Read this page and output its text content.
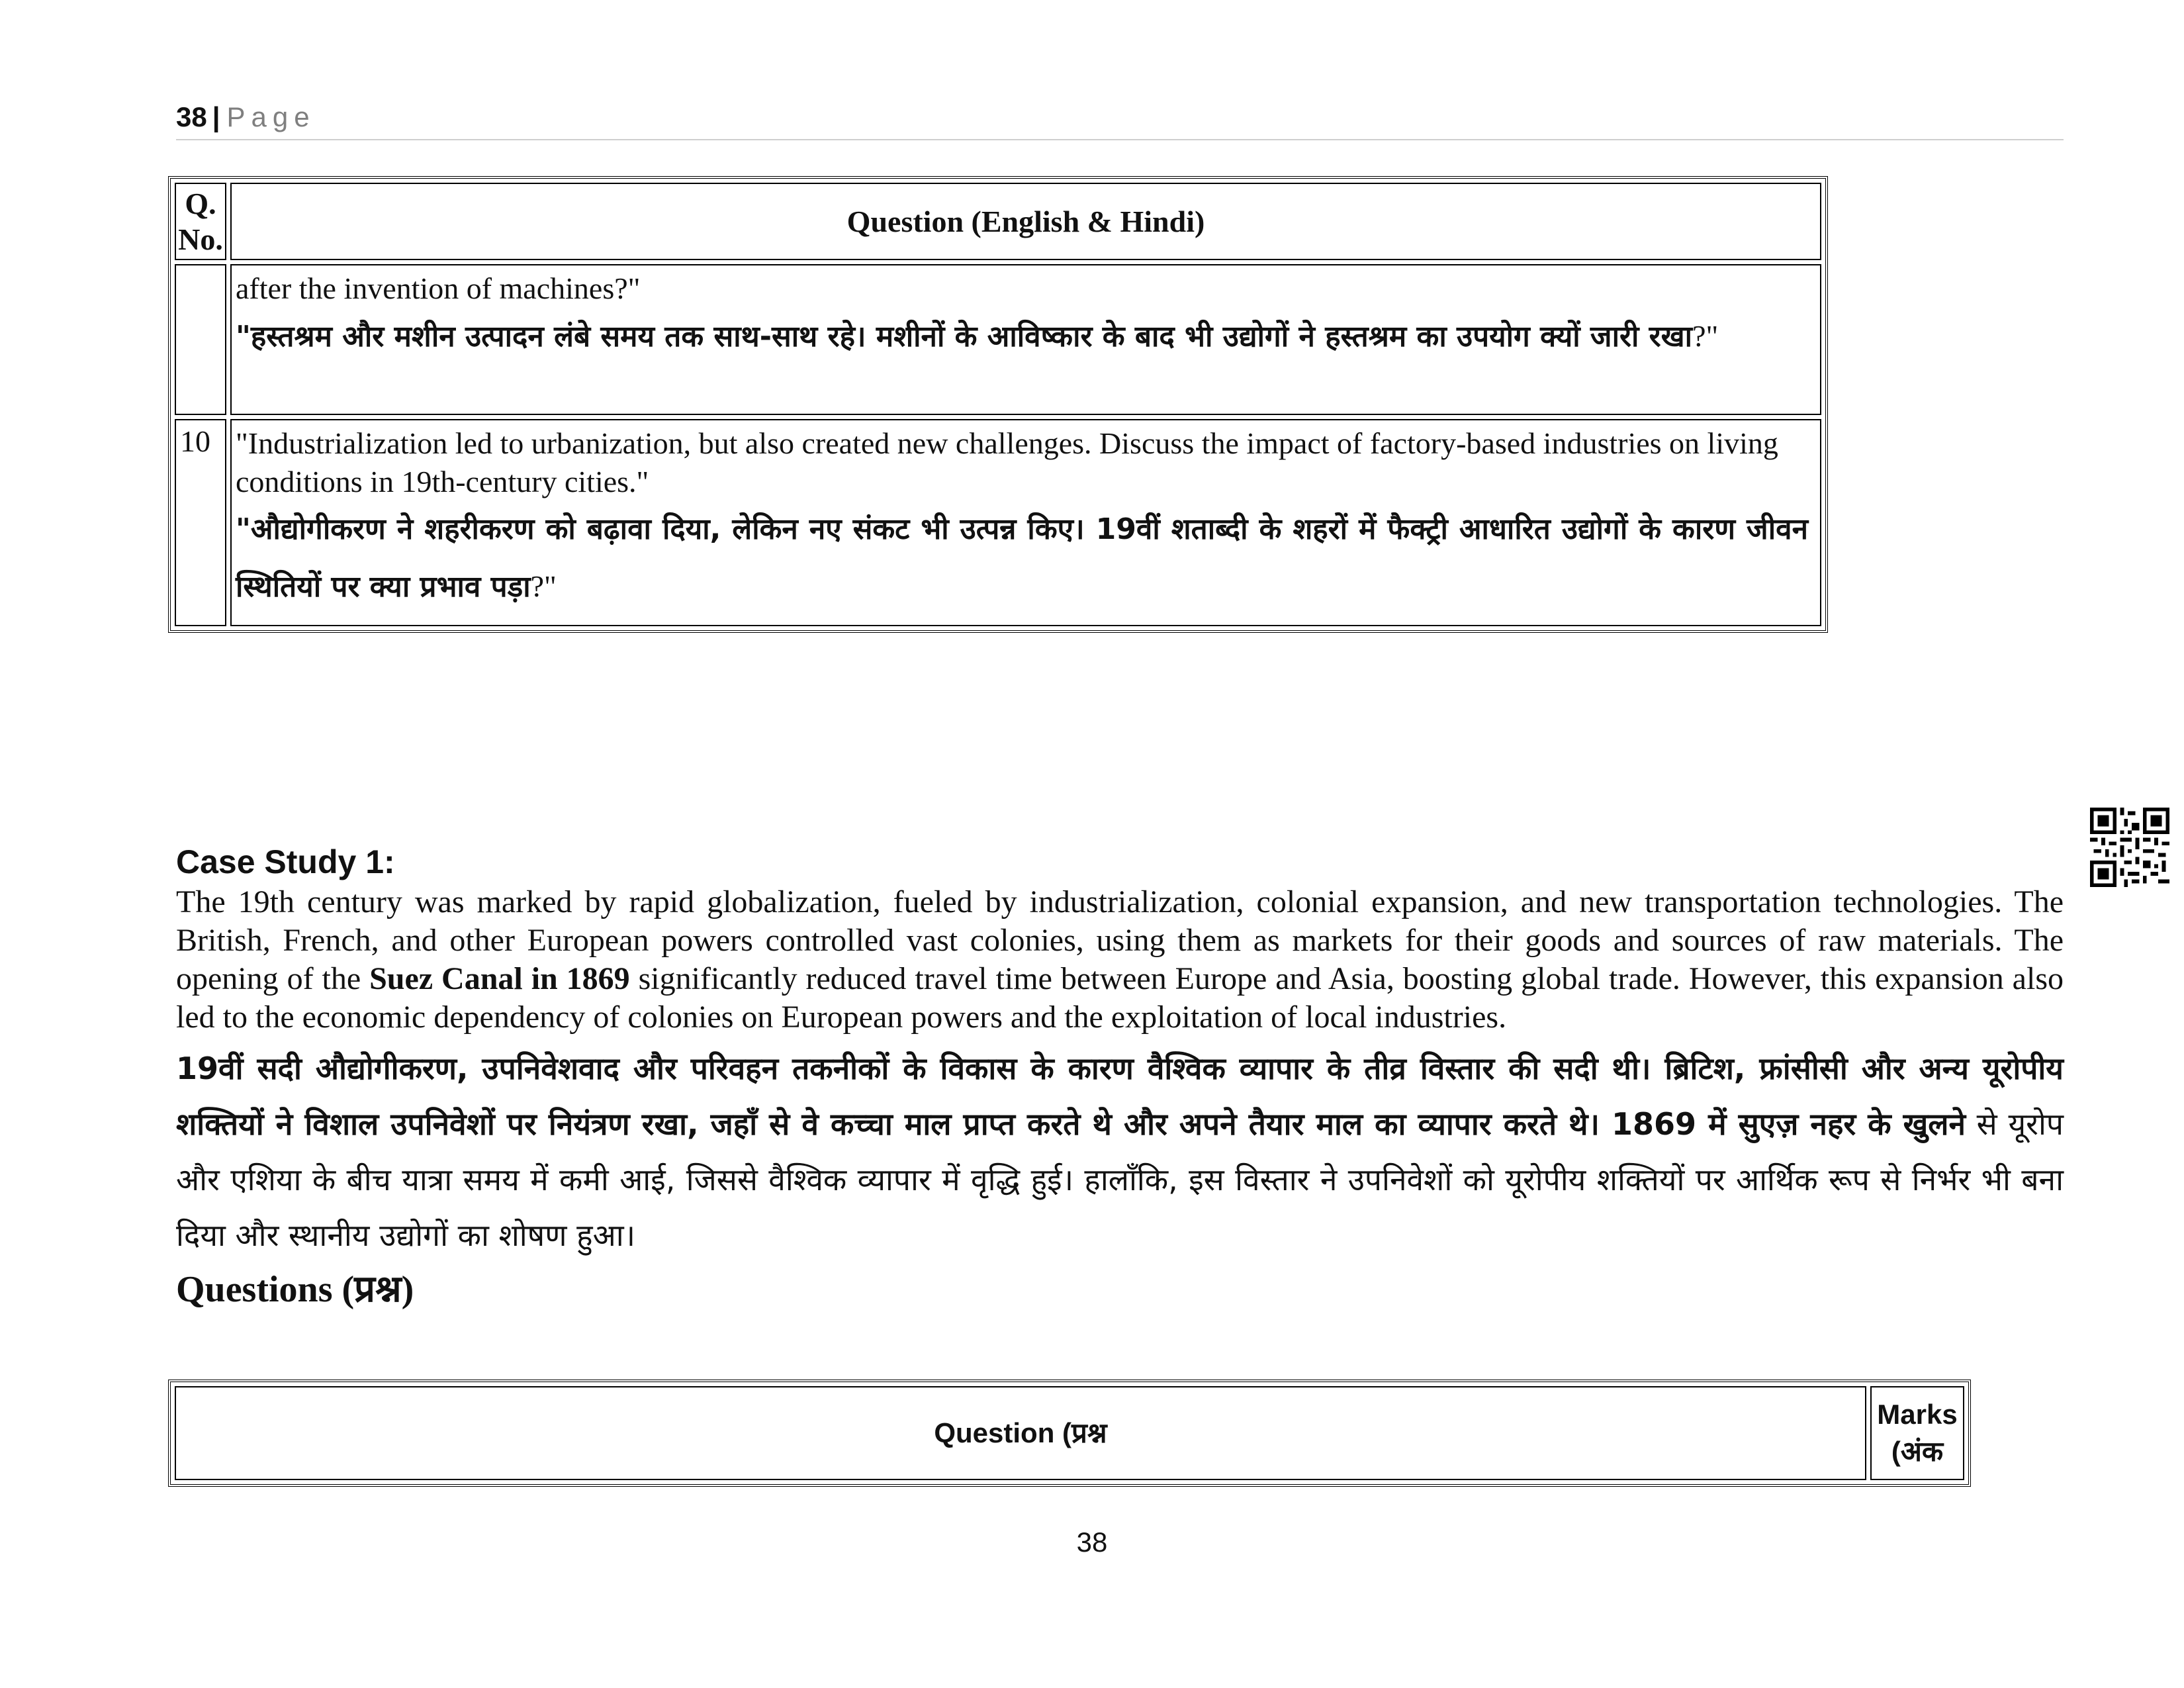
38 | Page
Q. No.	Question (English & Hindi)

	after the invention of machines?"
"हस्तश्रम और मशीन उत्पादन लंबे समय तक साथ-साथ रहे। मशीनों के आविष्कार के बाद भी उद्योगों ने हस्तश्रम का उपयोग क्यों जारी रखा?"

10	"Industrialization led to urbanization, but also created new challenges. Discuss the impact of factory-based industries on living conditions in 19th-century cities."
"औद्योगीकरण ने शहरीकरण को बढ़ावा दिया, लेकिन नए संकट भी उत्पन्न किए। 19वीं शताब्दी के शहरों में फैक्ट्री आधारित उद्योगों के कारण जीवन स्थितियों पर क्या प्रभाव पड़ा?"

Case Study 1:

The 19th century was marked by rapid globalization, fueled by industrialization, colonial expansion, and new transportation technologies. The British, French, and other European powers controlled vast colonies, using them as markets for their goods and sources of raw materials. The opening of the Suez Canal in 1869 significantly reduced travel time between Europe and Asia, boosting global trade. However, this expansion also led to the economic dependency of colonies on European powers and the exploitation of local industries.

19वीं सदी औद्योगीकरण, उपनिवेशवाद और परिवहन तकनीकों के विकास के कारण वैश्विक व्यापार के तीव्र विस्तार की सदी थी। ब्रिटिश, फ्रांसीसी और अन्य यूरोपीय शक्तियों ने विशाल उपनिवेशों पर नियंत्रण रखा, जहाँ से वे कच्चा माल प्राप्त करते थे और अपने तैयार माल का व्यापार करते थे। 1869 में सुएज़ नहर के खुलने से यूरोप और एशिया के बीच यात्रा समय में कमी आई, जिससे वैश्विक व्यापार में वृद्धि हुई। हालाँकि, इस विस्तार ने उपनिवेशों को यूरोपीय शक्तियों पर आर्थिक रूप से निर्भर भी बना दिया और स्थानीय उद्योगों का शोषण हुआ।

Questions (प्रश्न)

Question (प्रश्न	Marks (अंक
38
